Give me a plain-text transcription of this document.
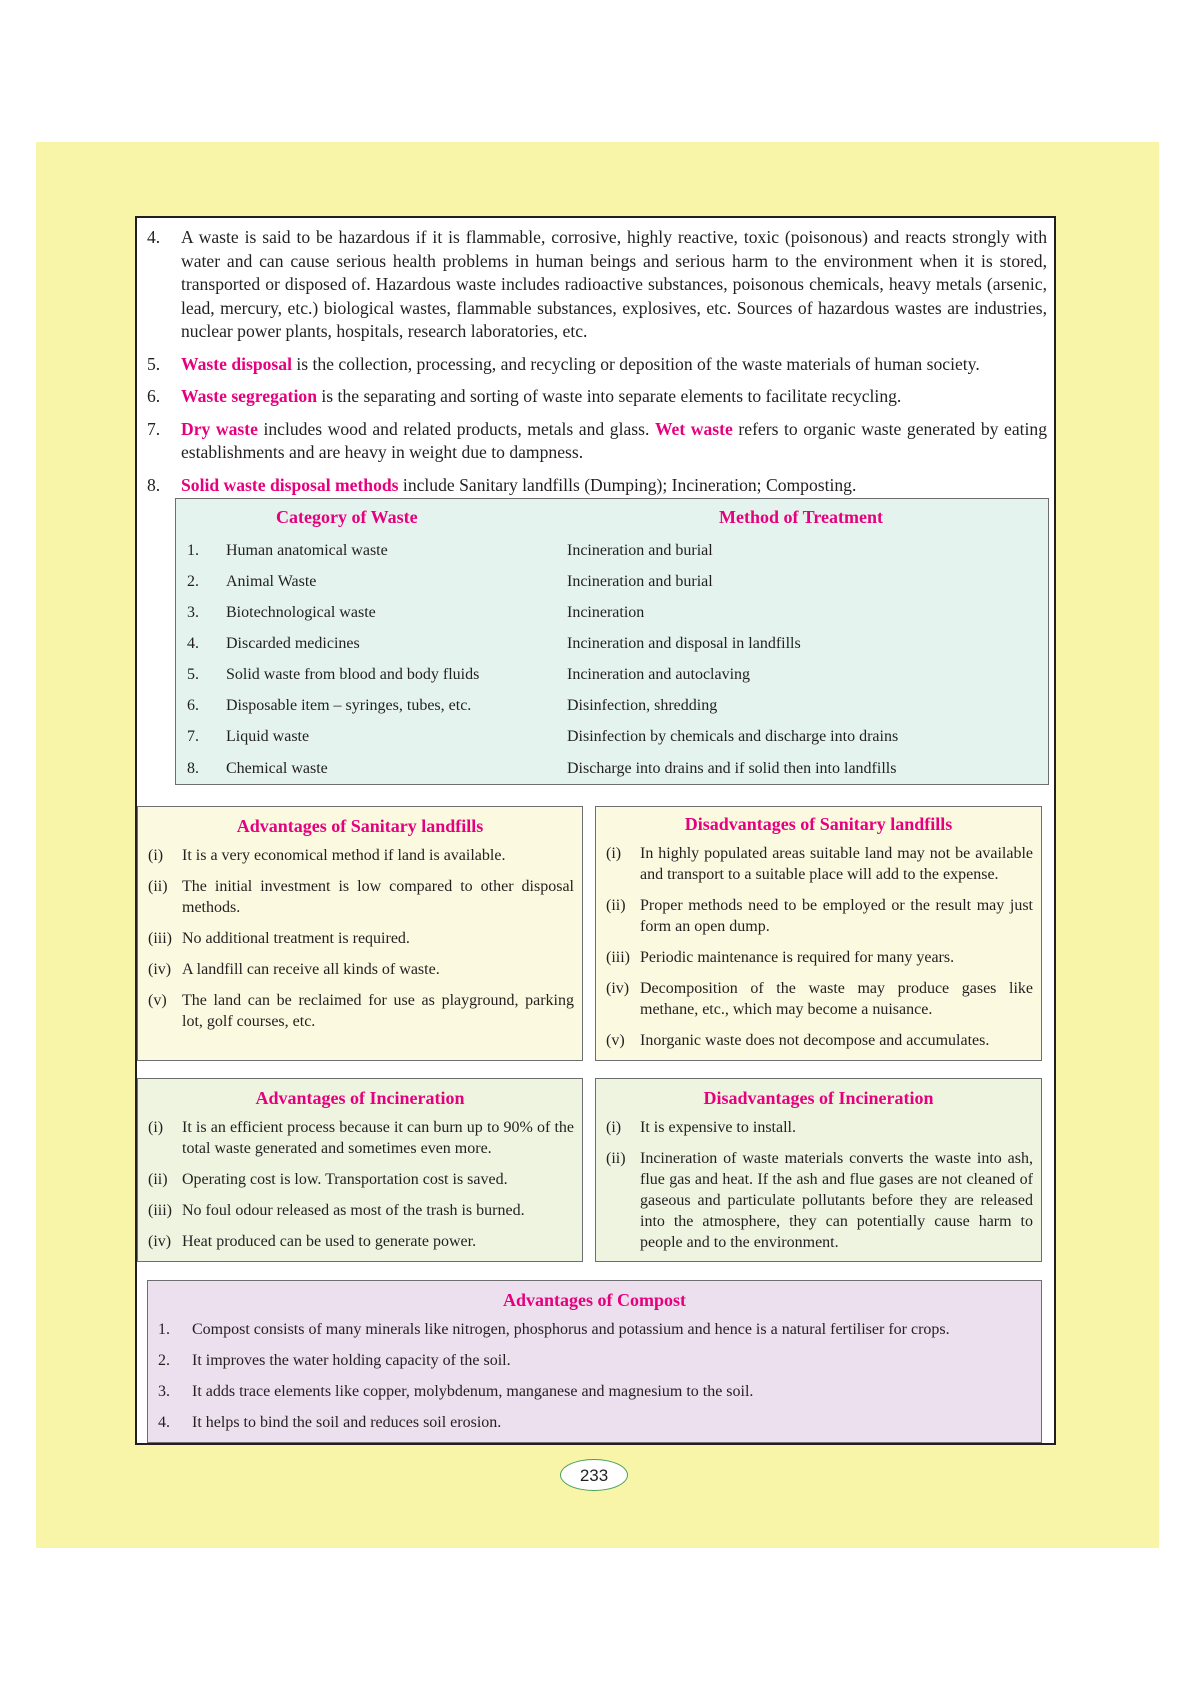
4.	A waste is said to be hazardous if it is flammable, corrosive, highly reactive, toxic (poisonous) and reacts strongly with water and can cause serious health problems in human beings and serious harm to the environment when it is stored, transported or disposed of. Hazardous waste includes radioactive substances, poisonous chemicals, heavy metals (arsenic, lead, mercury, etc.) biological wastes, flammable substances, explosives, etc. Sources of hazardous wastes are industries, nuclear power plants, hospitals, research laboratories, etc.
5.	Waste disposal is the collection, processing, and recycling or deposition of the waste materials of human society.
6.	Waste segregation is the separating and sorting of waste into separate elements to facilitate recycling.
7.	Dry waste includes wood and related products, metals and glass. Wet waste refers to organic waste generated by eating establishments and are heavy in weight due to dampness.
8.	Solid waste disposal methods include Sanitary landfills (Dumping); Incineration; Composting.
Category of Waste	Method of Treatment
1. Human anatomical waste	Incineration and burial
2. Animal Waste	Incineration and burial
3. Biotechnological waste	Incineration
4. Discarded medicines	Incineration and disposal in landfills
5. Solid waste from blood and body fluids	Incineration and autoclaving
6. Disposable item – syringes, tubes, etc.	Disinfection, shredding
7. Liquid waste	Disinfection by chemicals and discharge into drains
8. Chemical waste	Discharge into drains and if solid then into landfills
Advantages of Sanitary landfills
(i)	It is a very economical method if land is available.
(ii) The initial investment is low compared to other disposal methods.
(iii) No additional treatment is required.
(iv) A landfill can receive all kinds of waste.
(v) The land can be reclaimed for use as playground, parking lot, golf courses, etc.
Disadvantages of Sanitary landfills
(i)	In highly populated areas suitable land may not be available and transport to a suitable place will add to the expense.
(ii) Proper methods need to be employed or the result may just form an open dump.
(iii) Periodic maintenance is required for many years.
(iv) Decomposition of the waste may produce gases like methane, etc., which may become a nuisance.
(v) Inorganic waste does not decompose and accumulates.
Advantages of Incineration
(i)	It is an efficient process because it can burn up to 90% of the total waste generated and sometimes even more.
(ii) Operating cost is low. Transportation cost is saved.
(iii) No foul odour released as most of the trash is burned.
(iv) Heat produced can be used to generate power.
Disadvantages of Incineration
(i)	It is expensive to install.
(ii) Incineration of waste materials converts the waste into ash, flue gas and heat. If the ash and flue gases are not cleaned of gaseous and particulate pollutants before they are released into the atmosphere, they can potentially cause harm to people and to the environment.
Advantages of Compost
1.	Compost consists of many minerals like nitrogen, phosphorus and potassium and hence is a natural fertiliser for crops.
2.	It improves the water holding capacity of the soil.
3.	It adds trace elements like copper, molybdenum, manganese and magnesium to the soil.
4.	It helps to bind the soil and reduces soil erosion.
233
